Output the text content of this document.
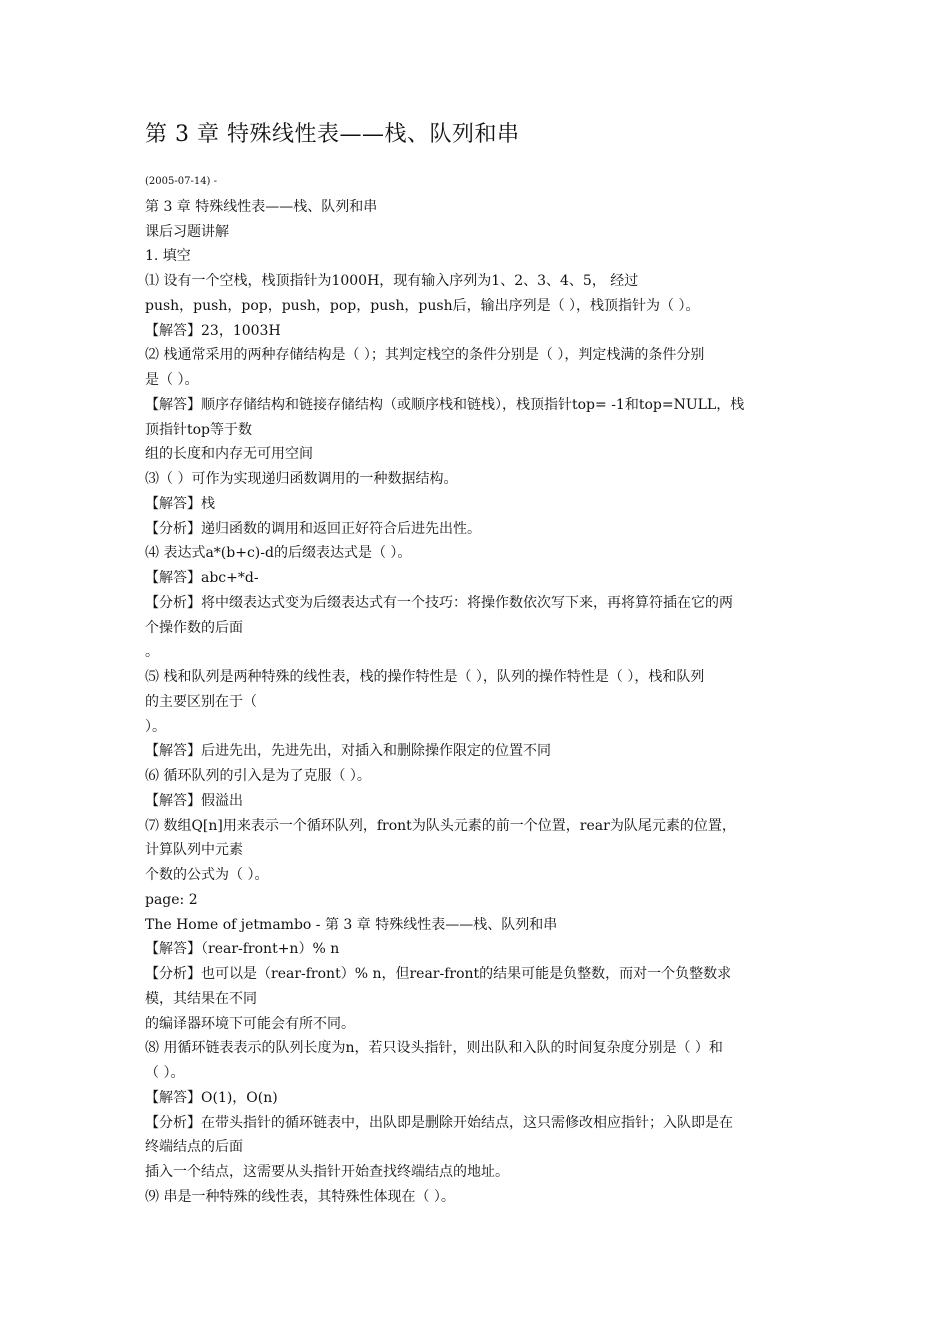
第 3 章 特殊线性表——栈、队列和串
(2005-07-14) -
第 3 章 特殊线性表——栈、队列和串
课后习题讲解
1. 填空
⑴ 设有一个空栈，栈顶指针为1000H，现有输入序列为1、2、3、4、5， 经过
push，push，pop，push，pop，push，push后，输出序列是（ ），栈顶指针为（ ）。
【解答】23，1003H
⑵ 栈通常采用的两种存储结构是（ ）；其判定栈空的条件分别是（ ），判定栈满的条件分别
是（ ）。
【解答】顺序存储结构和链接存储结构（或顺序栈和链栈），栈顶指针top= -1和top=NULL，栈
顶指针top等于数
组的长度和内存无可用空间
⑶（ ）可作为实现递归函数调用的一种数据结构。
【解答】栈
【分析】递归函数的调用和返回正好符合后进先出性。
⑷ 表达式a*(b+c)-d的后缀表达式是（ ）。
【解答】abc+*d-
【分析】将中缀表达式变为后缀表达式有一个技巧：将操作数依次写下来，再将算符插在它的两
个操作数的后面
。
⑸ 栈和队列是两种特殊的线性表，栈的操作特性是（ ），队列的操作特性是（ ），栈和队列
的主要区别在于（
）。
【解答】后进先出，先进先出，对插入和删除操作限定的位置不同
⑹ 循环队列的引入是为了克服（ ）。
【解答】假溢出
⑺ 数组Q[n]用来表示一个循环队列，front为队头元素的前一个位置，rear为队尾元素的位置，
计算队列中元素
个数的公式为（ ）。
page: 2
The Home of jetmambo - 第 3 章 特殊线性表——栈、队列和串
【解答】（rear-front+n）% n
【分析】也可以是（rear-front）% n，但rear-front的结果可能是负整数，而对一个负整数求
模，其结果在不同
的编译器环境下可能会有所不同。
⑻ 用循环链表表示的队列长度为n，若只设头指针，则出队和入队的时间复杂度分别是（ ）和
（ ）。
【解答】O(1)，O(n)
【分析】在带头指针的循环链表中，出队即是删除开始结点，这只需修改相应指针；入队即是在
终端结点的后面
插入一个结点，这需要从头指针开始查找终端结点的地址。
⑼ 串是一种特殊的线性表，其特殊性体现在（ ）。
